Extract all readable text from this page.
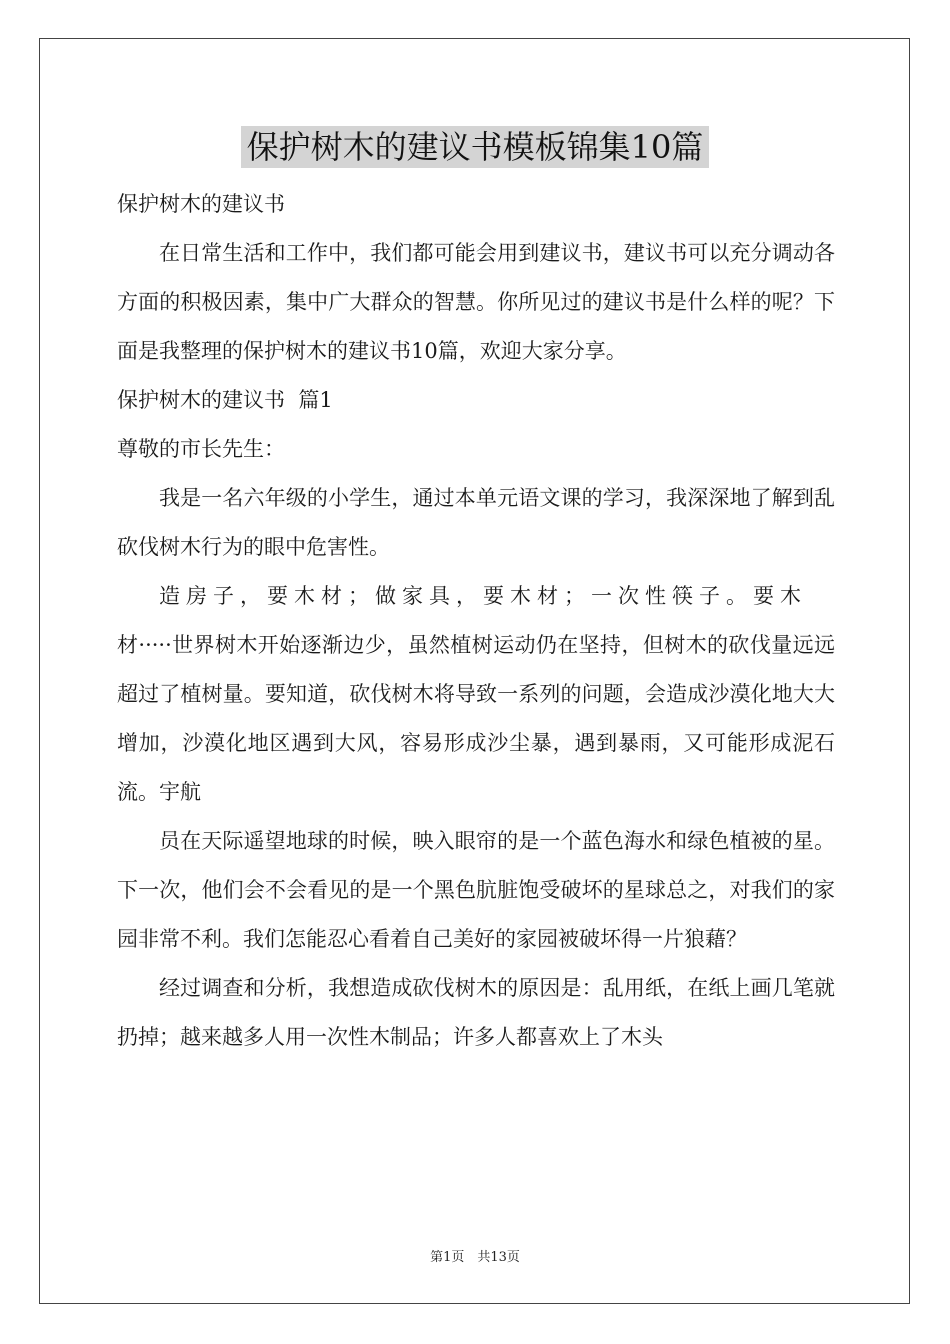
保护树木的建议书模板锦集10篇

保护树木的建议书

在日常生活和工作中，我们都可能会用到建议书，建议书可以充分调动各方面的积极因素，集中广大群众的智慧。你所见过的建议书是什么样的呢？下面是我整理的保护树木的建议书10篇，欢迎大家分享。

保护树木的建议书  篇1

尊敬的市长先生：

我是一名六年级的小学生，通过本单元语文课的学习，我深深地了解到乱砍伐树木行为的眼中危害性。

造房子，要木材；做家具，要木材；一次性筷子。要木

材·····世界树木开始逐渐边少，虽然植树运动仍在坚持，但树木的砍伐量远远超过了植树量。要知道，砍伐树木将导致一系列的问题，会造成沙漠化地大大增加，沙漠化地区遇到大风，容易形成沙尘暴，遇到暴雨，又可能形成泥石流。宇航

员在天际遥望地球的时候，映入眼帘的是一个蓝色海水和绿色植被的星。下一次，他们会不会看见的是一个黑色肮脏饱受破坏的星球总之，对我们的家园非常不利。我们怎能忍心看着自己美好的家园被破坏得一片狼藉？

经过调查和分析，我想造成砍伐树木的原因是：乱用纸，在纸上画几笔就扔掉；越来越多人用一次性木制品；许多人都喜欢上了木头

第1页　共13页
